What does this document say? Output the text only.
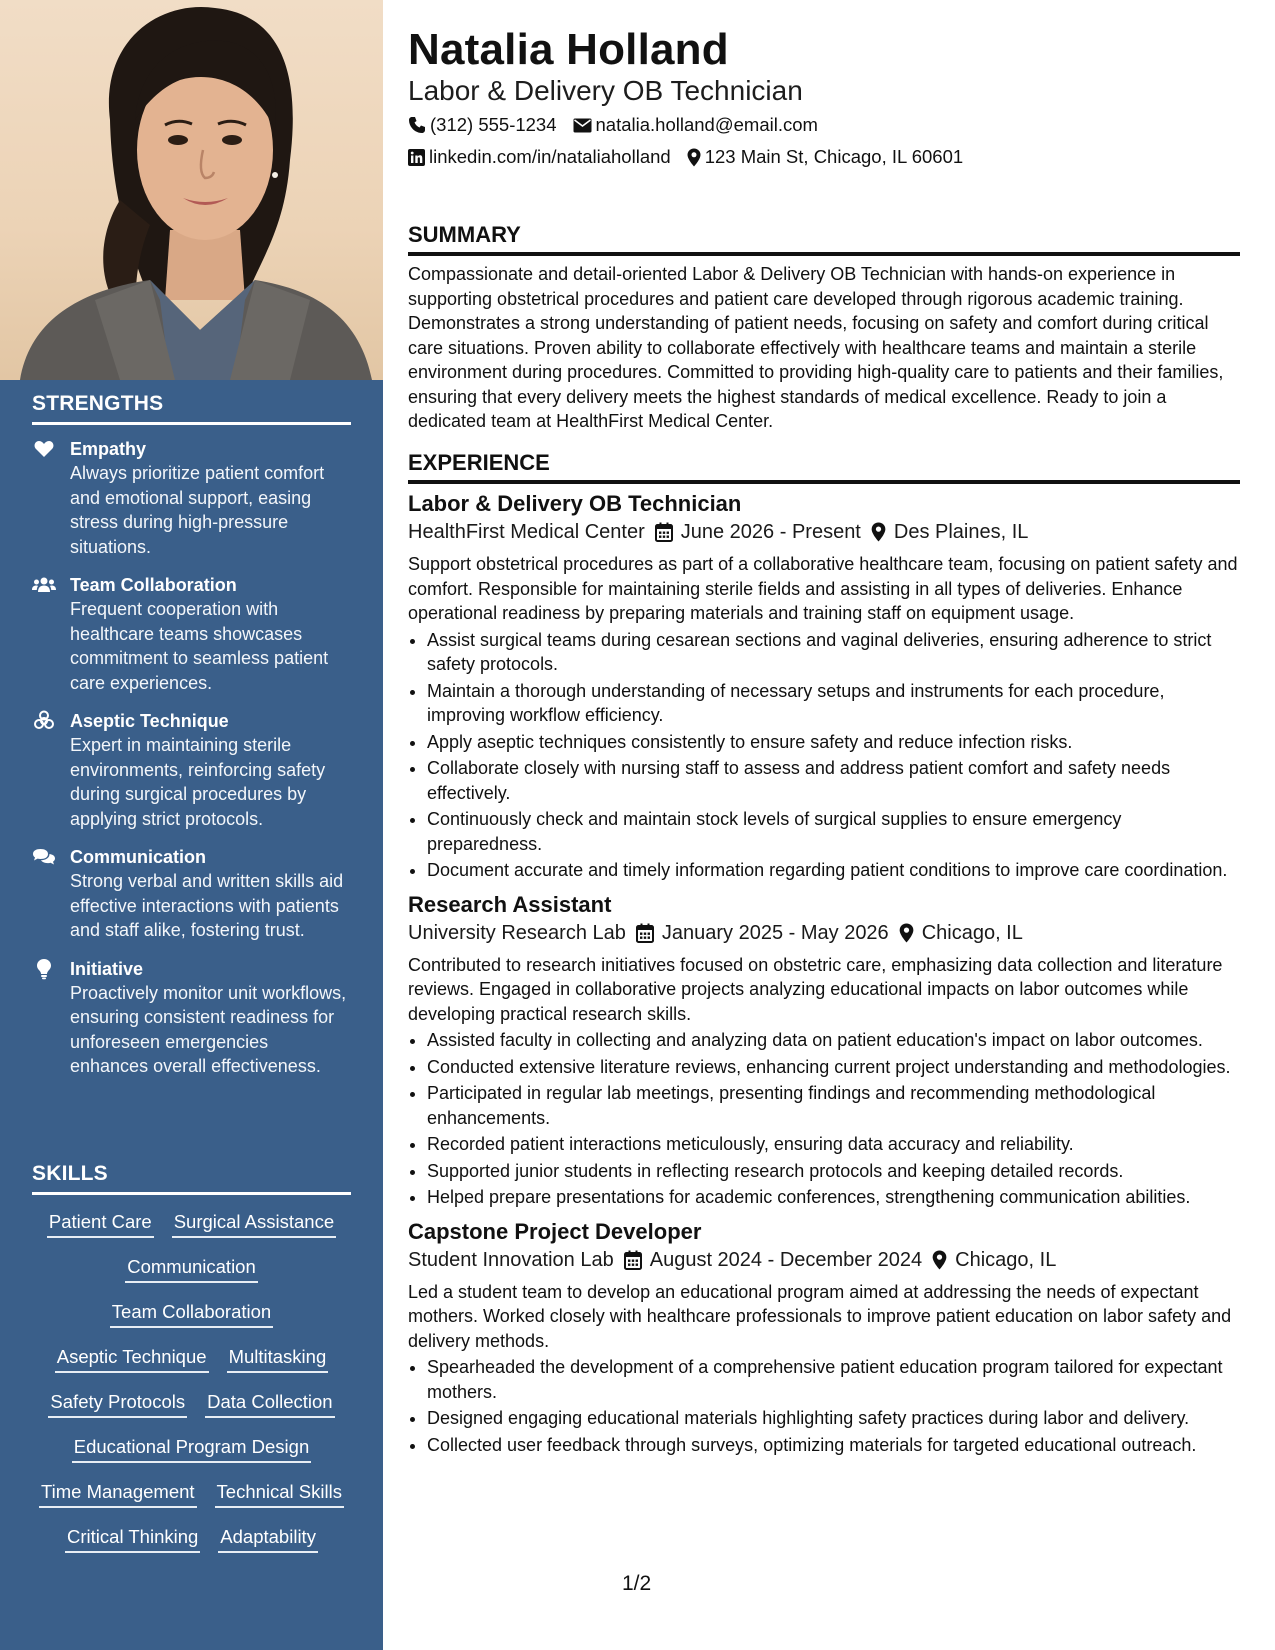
STRENGTHS
Empathy
Always prioritize patient comfort and emotional support, easing stress during high-pressure situations.
Team Collaboration
Frequent cooperation with healthcare teams showcases commitment to seamless patient care experiences.
Aseptic Technique
Expert in maintaining sterile environments, reinforcing safety during surgical procedures by applying strict protocols.
Communication
Strong verbal and written skills aid effective interactions with patients and staff alike, fostering trust.
Initiative
Proactively monitor unit workflows, ensuring consistent readiness for unforeseen emergencies enhances overall effectiveness.
SKILLS
Patient Care Surgical Assistance
Communication
Team Collaboration
Aseptic Technique Multitasking
Safety Protocols Data Collection
Educational Program Design
Time Management Technical Skills
Critical Thinking Adaptability
Natalia Holland
Labor & Delivery OB Technician
(312) 555-1234 natalia.holland@email.com
linkedin.com/in/nataliaholland 123 Main St, Chicago, IL 60601
SUMMARY

Compassionate and detail-oriented Labor & Delivery OB Technician with hands-on experience in supporting obstetrical procedures and patient care developed through rigorous academic training. Demonstrates a strong understanding of patient needs, focusing on safety and comfort during critical care situations. Proven ability to collaborate effectively with healthcare teams and maintain a sterile environment during procedures. Committed to providing high-quality care to patients and their families, ensuring that every delivery meets the highest standards of medical excellence. Ready to join a dedicated team at HealthFirst Medical Center.

EXPERIENCE
Labor & Delivery OB Technician
HealthFirst Medical Center June 2026 - Present Des Plaines, IL

Support obstetrical procedures as part of a collaborative healthcare team, focusing on patient safety and comfort. Responsible for maintaining sterile fields and assisting in all types of deliveries. Enhance operational readiness by preparing materials and training staff on equipment usage.

• Assist surgical teams during cesarean sections and vaginal deliveries, ensuring adherence to strict safety protocols.
• Maintain a thorough understanding of necessary setups and instruments for each procedure, improving workflow efficiency.
• Apply aseptic techniques consistently to ensure safety and reduce infection risks.
• Collaborate closely with nursing staff to assess and address patient comfort and safety needs effectively.
• Continuously check and maintain stock levels of surgical supplies to ensure emergency preparedness.
• Document accurate and timely information regarding patient conditions to improve care coordination.
Research Assistant
University Research Lab January 2025 - May 2026 Chicago, IL

Contributed to research initiatives focused on obstetric care, emphasizing data collection and literature reviews. Engaged in collaborative projects analyzing educational impacts on labor outcomes while developing practical research skills.

• Assisted faculty in collecting and analyzing data on patient education's impact on labor outcomes.
• Conducted extensive literature reviews, enhancing current project understanding and methodologies.
• Participated in regular lab meetings, presenting findings and recommending methodological enhancements.
• Recorded patient interactions meticulously, ensuring data accuracy and reliability.
• Supported junior students in reflecting research protocols and keeping detailed records.
• Helped prepare presentations for academic conferences, strengthening communication abilities.
Capstone Project Developer
Student Innovation Lab August 2024 - December 2024 Chicago, IL

Led a student team to develop an educational program aimed at addressing the needs of expectant mothers. Worked closely with healthcare professionals to improve patient education on labor safety and delivery methods.

• Spearheaded the development of a comprehensive patient education program tailored for expectant mothers.
• Designed engaging educational materials highlighting safety practices during labor and delivery.
• Collected user feedback through surveys, optimizing materials for targeted educational outreach.
1/2
